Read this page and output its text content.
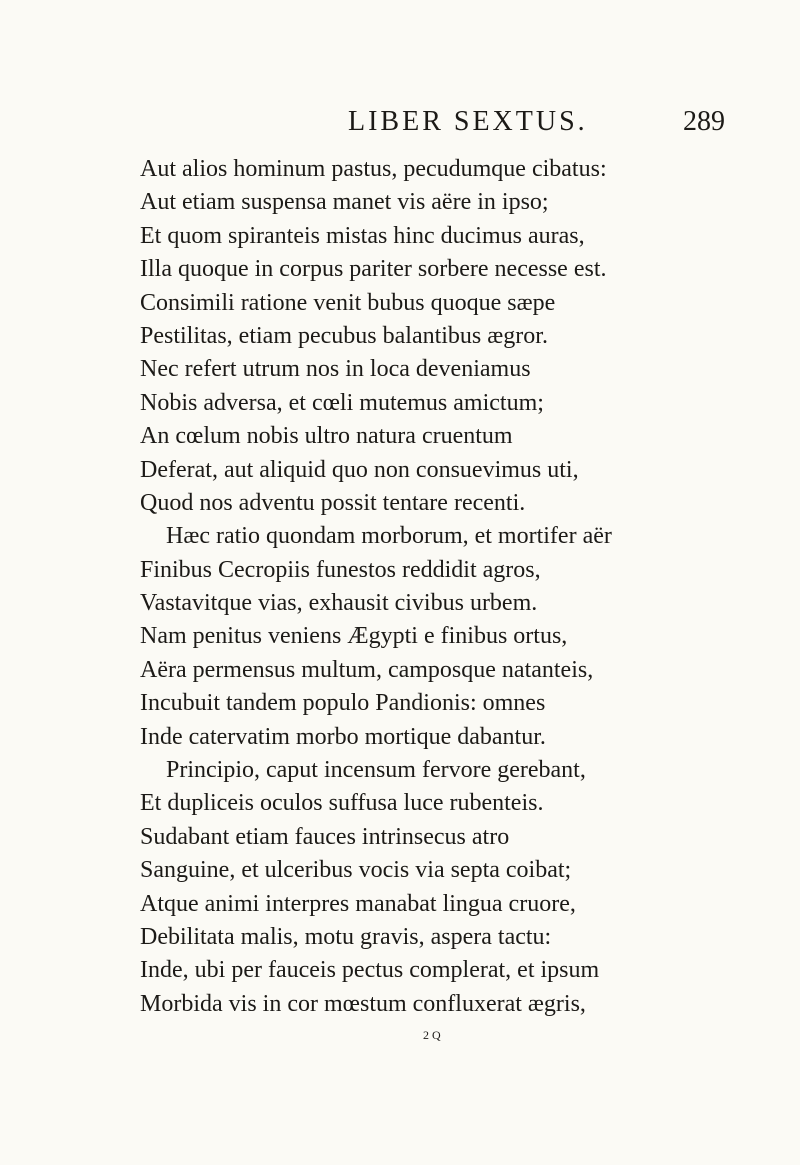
LIBER SEXTUS.	289
Aut alios hominum pastus, pecudumque cibatus:
Aut etiam suspensa manet vis aëre in ipso;
Et quom spiranteis mistas hinc ducimus auras,
Illa quoque in corpus pariter sorbere necesse est.
Consimili ratione venit bubus quoque sæpe
Pestilitas, etiam pecubus balantibus ægror.
Nec refert utrum nos in loca deveniamus
Nobis adversa, et cœli mutemus amictum;
An cœlum nobis ultro natura cruentum
Deferat, aut aliquid quo non consuevimus uti,
Quod nos adventu possit tentare recenti.
Hæc ratio quondam morborum, et mortifer aër
Finibus Cecropiis funestos reddidit agros,
Vastavitque vias, exhausit civibus urbem.
Nam penitus veniens Ægypti e finibus ortus,
Aëra permensus multum, camposque natanteis,
Incubuit tandem populo Pandionis: omnes
Inde catervatim morbo mortique dabantur.
Principio, caput incensum fervore gerebant,
Et dupliceis oculos suffusa luce rubenteis.
Sudabant etiam fauces intrinsecus atro
Sanguine, et ulceribus vocis via septa coibat;
Atque animi interpres manabat lingua cruore,
Debilitata malis, motu gravis, aspera tactu:
Inde, ubi per fauceis pectus complerat, et ipsum
Morbida vis in cor mœstum confluxerat ægris,
2 Q
